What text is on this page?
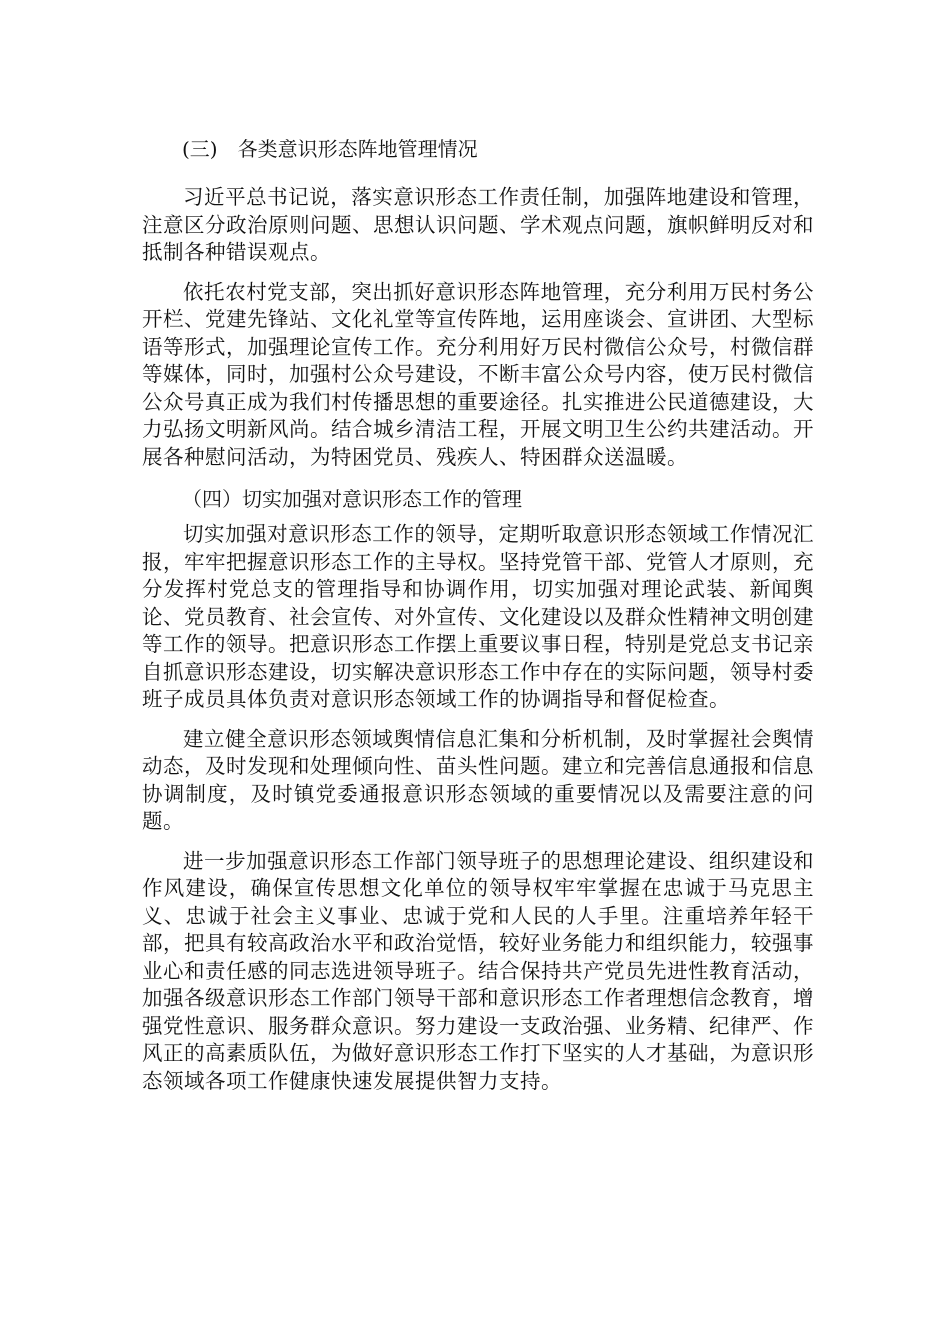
(三)　各类意识形态阵地管理情况

习近平总书记说，落实意识形态工作责任制，加强阵地建设和管理，注意区分政治原则问题、思想认识问题、学术观点问题，旗帜鲜明反对和抵制各种错误观点。

依托农村党支部，突出抓好意识形态阵地管理，充分利用万民村务公开栏、党建先锋站、文化礼堂等宣传阵地，运用座谈会、宣讲团、大型标语等形式，加强理论宣传工作。充分利用好万民村微信公众号，村微信群等媒体，同时，加强村公众号建设，不断丰富公众号内容，使万民村微信公众号真正成为我们村传播思想的重要途径。扎实推进公民道德建设，大力弘扬文明新风尚。结合城乡清洁工程，开展文明卫生公约共建活动。开展各种慰问活动，为特困党员、残疾人、特困群众送温暖。

（四）切实加强对意识形态工作的管理

切实加强对意识形态工作的领导，定期听取意识形态领域工作情况汇报，牢牢把握意识形态工作的主导权。坚持党管干部、党管人才原则，充分发挥村党总支的管理指导和协调作用，切实加强对理论武装、新闻舆论、党员教育、社会宣传、对外宣传、文化建设以及群众性精神文明创建等工作的领导。把意识形态工作摆上重要议事日程，特别是党总支书记亲自抓意识形态建设，切实解决意识形态工作中存在的实际问题，领导村委班子成员具体负责对意识形态领域工作的协调指导和督促检查。

建立健全意识形态领域舆情信息汇集和分析机制，及时掌握社会舆情动态，及时发现和处理倾向性、苗头性问题。建立和完善信息通报和信息协调制度，及时镇党委通报意识形态领域的重要情况以及需要注意的问题。

进一步加强意识形态工作部门领导班子的思想理论建设、组织建设和作风建设，确保宣传思想文化单位的领导权牢牢掌握在忠诚于马克思主义、忠诚于社会主义事业、忠诚于党和人民的人手里。注重培养年轻干部，把具有较高政治水平和政治觉悟，较好业务能力和组织能力，较强事业心和责任感的同志选进领导班子。结合保持共产党员先进性教育活动，加强各级意识形态工作部门领导干部和意识形态工作者理想信念教育，增强党性意识、服务群众意识。努力建设一支政治强、业务精、纪律严、作风正的高素质队伍，为做好意识形态工作打下坚实的人才基础，为意识形态领域各项工作健康快速发展提供智力支持。
